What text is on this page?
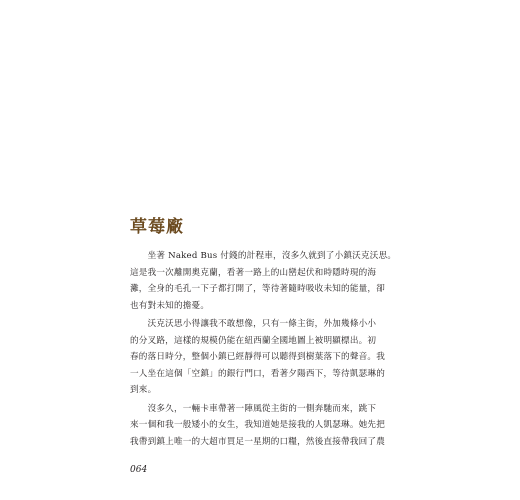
草莓廠

　　坐著 Naked Bus 付錢的計程車，沒多久就到了小鎮沃克沃思。
這是我一次離開奧克蘭，看著一路上的山巒起伏和時隱時現的海
灘，全身的毛孔一下子都打開了，等待著隨時吸收未知的能量，卻
也有對未知的擔憂。

　　沃克沃思小得讓我不敢想像，只有一條主街，外加幾條小小
的分叉路，這樣的規模仍能在紐西蘭全國地圖上被明顯標出。初
春的落日時分，整個小鎮已經靜得可以聽得到樹葉落下的聲音。我
一人坐在這個「空鎮」的銀行門口，看著夕陽西下，等待凱瑟琳的
到來。

　　沒多久，一輛卡車帶著一陣風從主街的一側奔馳而來，跳下
來一個和我一般矮小的女生，我知道她是接我的人凱瑟琳。她先把
我帶到鎮上唯一的大超市買足一星期的口糧，然後直接帶我回了農

064
